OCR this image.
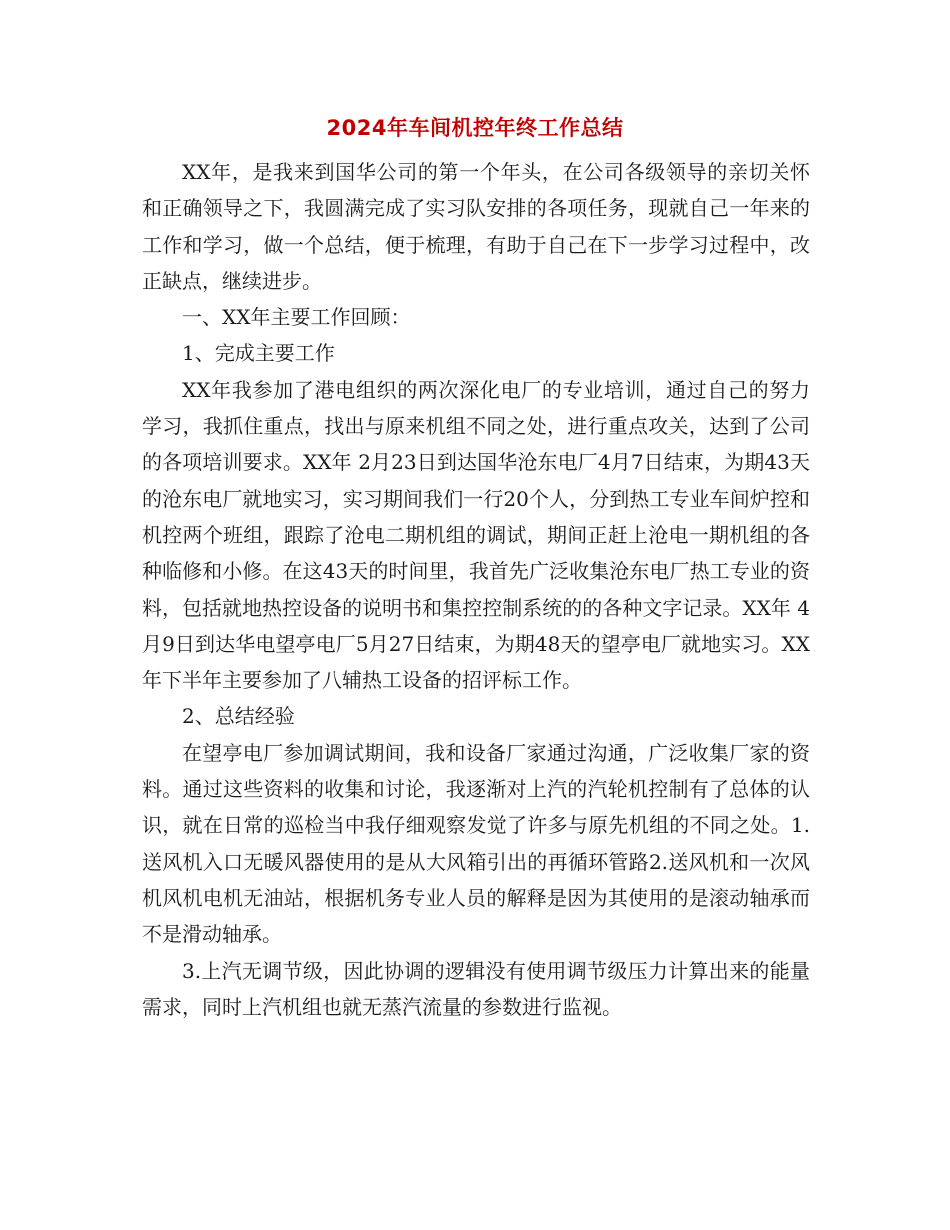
2024年车间机控年终工作总结

XX年，是我来到国华公司的第一个年头，在公司各级领导的亲切关怀和正确领导之下，我圆满完成了实习队安排的各项任务，现就自己一年来的工作和学习，做一个总结，便于梳理，有助于自己在下一步学习过程中，改正缺点，继续进步。

一、XX年主要工作回顾：

1、完成主要工作

XX年我参加了港电组织的两次深化电厂的专业培训，通过自己的努力学习，我抓住重点，找出与原来机组不同之处，进行重点攻关，达到了公司的各项培训要求。XX年 2月23日到达国华沧东电厂4月7日结束，为期43天的沧东电厂就地实习，实习期间我们一行20个人，分到热工专业车间炉控和机控两个班组，跟踪了沧电二期机组的调试，期间正赶上沧电一期机组的各种临修和小修。在这43天的时间里，我首先广泛收集沧东电厂热工专业的资料，包括就地热控设备的说明书和集控控制系统的的各种文字记录。XX年 4月9日到达华电望亭电厂5月27日结束，为期48天的望亭电厂就地实习。XX年下半年主要参加了八辅热工设备的招评标工作。

2、总结经验

在望亭电厂参加调试期间，我和设备厂家通过沟通，广泛收集厂家的资料。通过这些资料的收集和讨论，我逐渐对上汽的汽轮机控制有了总体的认识，就在日常的巡检当中我仔细观察发觉了许多与原先机组的不同之处。1.送风机入口无暖风器使用的是从大风箱引出的再循环管路2.送风机和一次风机风机电机无油站，根据机务专业人员的解释是因为其使用的是滚动轴承而不是滑动轴承。

3.上汽无调节级，因此协调的逻辑没有使用调节级压力计算出来的能量需求，同时上汽机组也就无蒸汽流量的参数进行监视。
